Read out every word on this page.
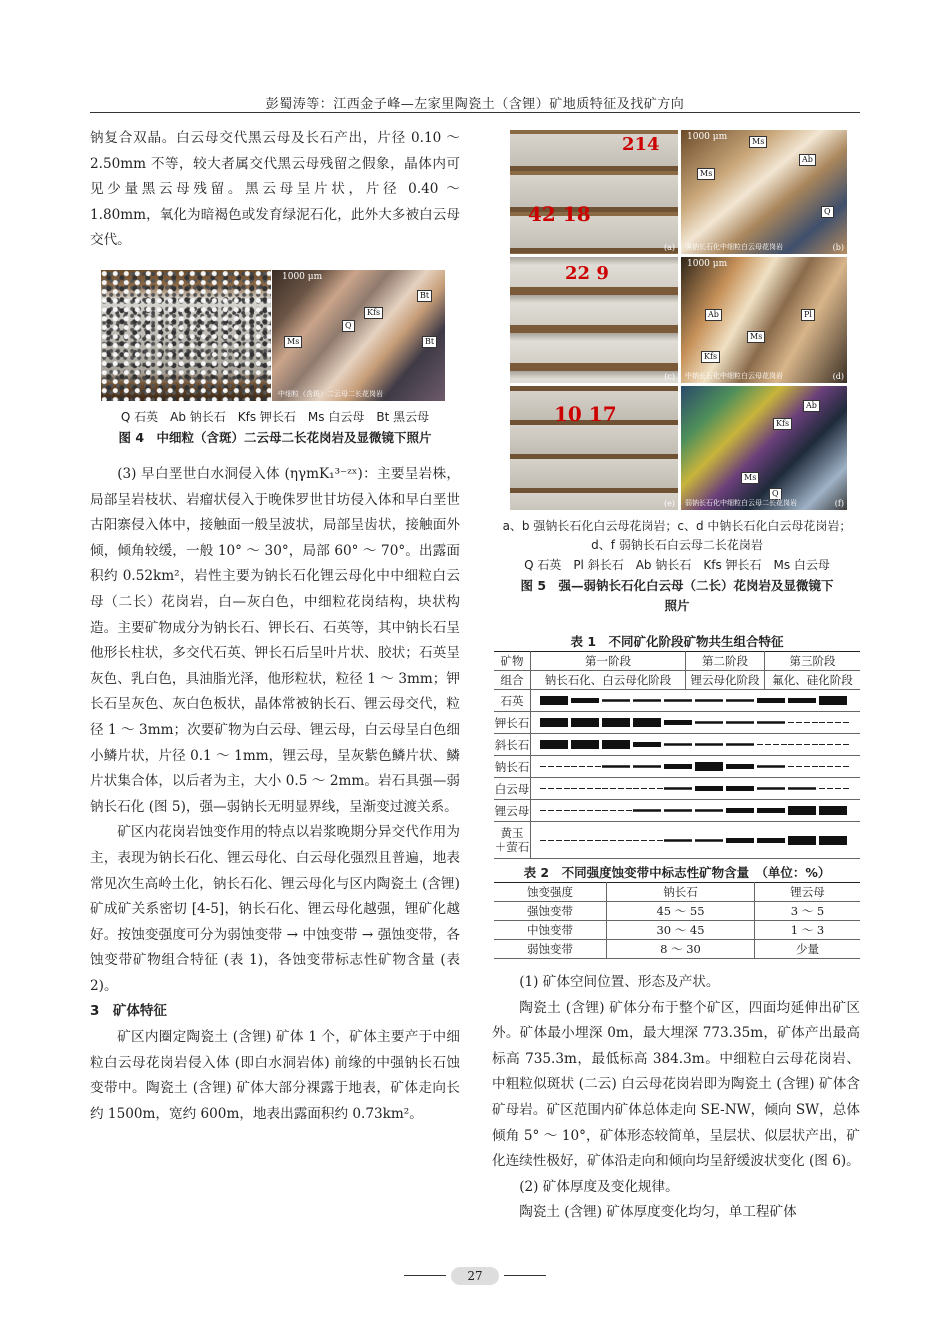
彭蜀涛等：江西金子峰—左家里陶瓷土（含锂）矿地质特征及找矿方向

钠复合双晶。白云母交代黑云母及长石产出，片径 0.10 ～ 2.50mm 不等，较大者属交代黑云母残留之假象，晶体内可见少量黑云母残留。黑云母呈片状，片径 0.40 ～ 1.80mm，氧化为暗褐色或发育绿泥石化，此外大多被白云母交代。

Bt
Kfs
Q
Ms	Bt
中细粒（含斑）二云母二长花岗岩
1000 μm
Q 石英　Ab 钠长石　Kfs 钾长石　Ms 白云母　Bt 黑云母
图 4　中细粒（含斑）二云母二长花岗岩及显微镜下照片

(3) 早白垩世白水洞侵入体 (ηγmK₁³⁻ᶻˣ)：主要呈岩株，局部呈岩枝状、岩瘤状侵入于晚侏罗世甘坊侵入体和早白垩世古阳寨侵入体中，接触面一般呈波状，局部呈齿状，接触面外倾，倾角较缓，一般 10° ～ 30°，局部 60° ～ 70°。出露面积约 0.52km²，岩性主要为钠长石化锂云母化中中细粒白云母（二长）花岗岩，白—灰白色，中细粒花岗结构，块状构造。主要矿物成分为钠长石、钾长石、石英等，其中钠长石呈他形长柱状，多交代石英、钾长石后呈叶片状、胶状；石英呈灰色、乳白色，具油脂光泽，他形粒状，粒径 1 ～ 3mm；钾长石呈灰色、灰白色板状，晶体常被钠长石、锂云母交代，粒径 1 ～ 3mm；次要矿物为白云母、锂云母，白云母呈白色细小鳞片状，片径 0.1 ～ 1mm，锂云母，呈灰紫色鳞片状、鳞片状集合体，以后者为主，大小 0.5 ～ 2mm。岩石具强—弱钠长石化 (图 5)，强—弱钠长无明显界线，呈渐变过渡关系。

矿区内花岗岩蚀变作用的特点以岩浆晚期分异交代作用为主，表现为钠长石化、锂云母化、白云母化强烈且普遍，地表常见次生高岭土化，钠长石化、锂云母化与区内陶瓷土 (含锂) 矿成矿关系密切 [4-5]，钠长石化、锂云母化越强，锂矿化越好。按蚀变强度可分为弱蚀变带 → 中蚀变带 → 强蚀变带，各蚀变带矿物组合特征 (表 1)，各蚀变带标志性矿物含量 (表 2)。

3　矿体特征

矿区内圈定陶瓷土 (含锂) 矿体 1 个，矿体主要产于中细粒白云母花岗岩侵入体 (即白水洞岩体) 前缘的中强钠长石蚀变带中。陶瓷土 (含锂) 矿体大部分裸露于地表，矿体走向长约 1500m，宽约 600m，地表出露面积约 0.73km²。

214
42 18
(a)
1000 μm	Ms
Ab
Ms
Q
强钠长石化中细粒白云母花岗岩	(b)
22 9
(c)
1000 μm
Ab	Pl
Ms
Kfs
中钠长石化中细粒白云母花岗岩	(d)
10 17
(e)
Ab
Kfs
Ms
Q
弱钠长石化中细粒白云母二长花岗岩	(f)
a、b 强钠长石化白云母花岗岩；c、d 中钠长石化白云母花岗岩；
d、f 弱钠长石白云母二长花岗岩
Q 石英　Pl 斜长石　Ab 钠长石　Kfs 钾长石　Ms 白云母
图 5　强—弱钠长石化白云母（二长）花岗岩及显微镜下
照片
表 1　不同矿化阶段矿物共生组合特征
矿物	第一阶段	第二阶段	第三阶段
组合	钠长石化、白云母化阶段	锂云母化阶段	氟化、硅化阶段
石英	
钾长石	
斜长石	
钠长石	
白云母	
锂云母	
黄玉
＋萤石	
表 2　不同强度蚀变带中标志性矿物含量　（单位：%）
蚀变强度	钠长石	锂云母
强蚀变带	45 ～ 55	3 ～ 5
中蚀变带	30 ～ 45	1 ～ 3
弱蚀变带	8 ～ 30	少量

(1) 矿体空间位置、形态及产状。

陶瓷土 (含锂) 矿体分布于整个矿区，四面均延伸出矿区外。矿体最小埋深 0m，最大埋深 773.35m，矿体产出最高标高 735.3m，最低标高 384.3m。中细粒白云母花岗岩、中粗粒似斑状 (二云) 白云母花岗岩即为陶瓷土 (含锂) 矿体含矿母岩。矿区范围内矿体总体走向 SE-NW，倾向 SW，总体倾角 5° ～ 10°，矿体形态较简单，呈层状、似层状产出，矿化连续性极好，矿体沿走向和倾向均呈舒缓波状变化 (图 6)。

(2) 矿体厚度及变化规律。

陶瓷土 (含锂) 矿体厚度变化均匀，单工程矿体

27
